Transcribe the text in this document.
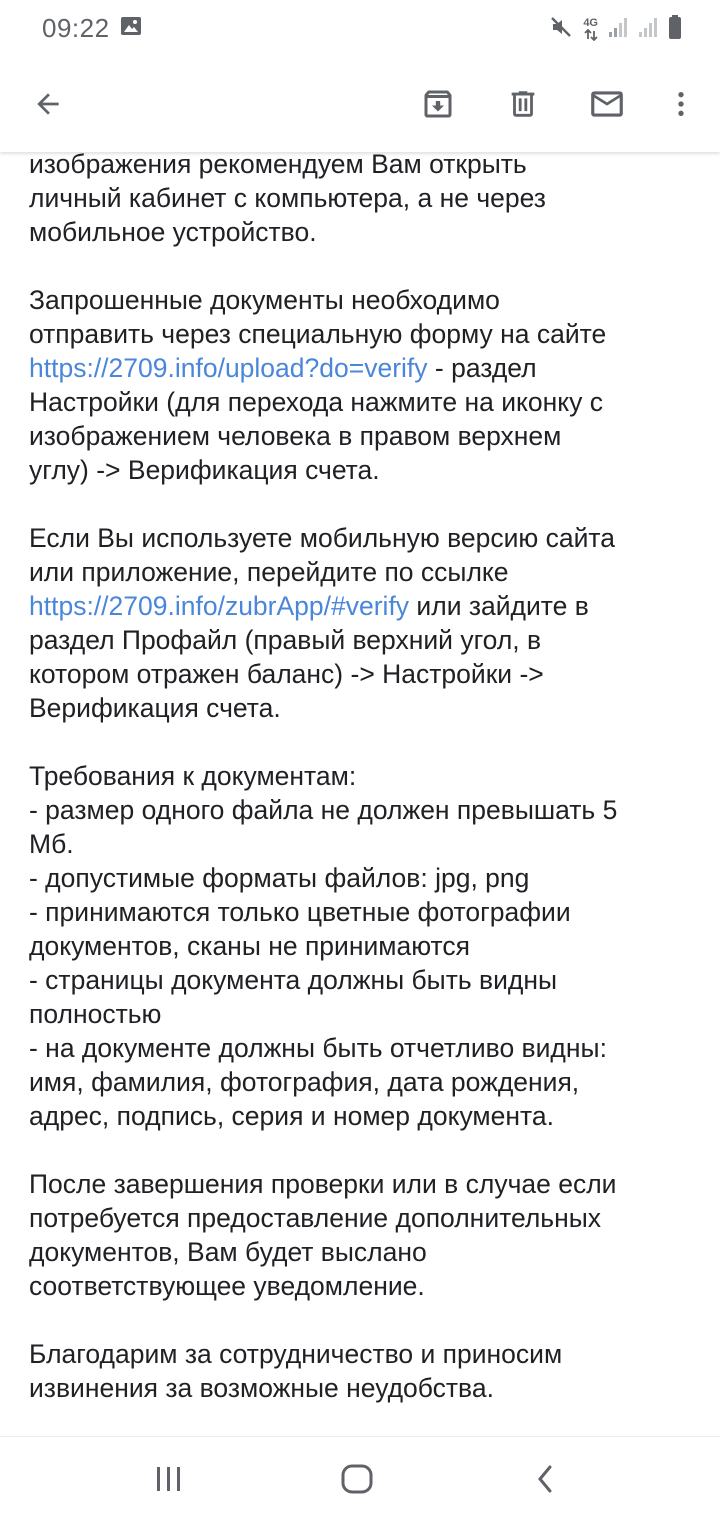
09:22	4G
изображения рекомендуем Вам открыть
личный кабинет с компьютера, а не через
мобильное устройство.
Запрошенные документы необходимо
отправить через специальную форму на сайте
https://2709.info/upload?do=verify - раздел
Настройки (для перехода нажмите на иконку с
изображением человека в правом верхнем
углу) -> Верификация счета.
Если Вы используете мобильную версию сайта
или приложение, перейдите по ссылке
https://2709.info/zubrApp/#verify или зайдите в
раздел Профайл (правый верхний угол, в
котором отражен баланс) -> Настройки ->
Верификация счета.
Требования к документам:
- размер одного файла не должен превышать 5
Мб.
- допустимые форматы файлов: jpg, png
- принимаются только цветные фотографии
документов, сканы не принимаются
- страницы документа должны быть видны
полностью
- на документе должны быть отчетливо видны:
имя, фамилия, фотография, дата рождения,
адрес, подпись, серия и номер документа.
После завершения проверки или в случае если
потребуется предоставление дополнительных
документов, Вам будет выслано
соответствующее уведомление.
Благодарим за сотрудничество и приносим
извинения за возможные неудобства.
